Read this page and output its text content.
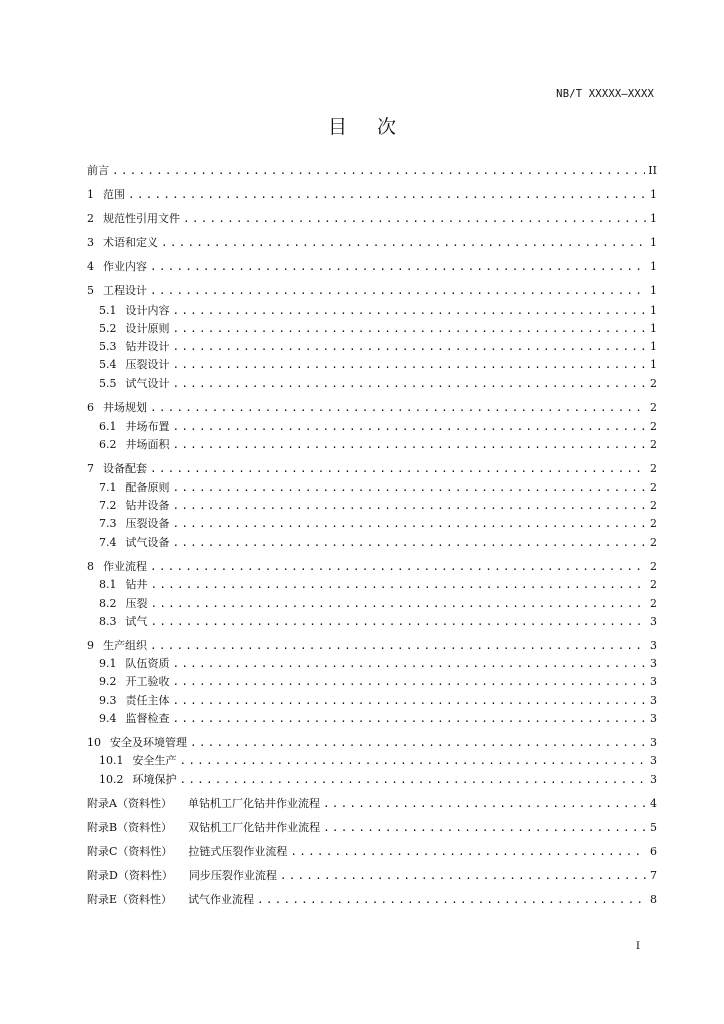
NB/T XXXXX—XXXX
目次
前言 .....	II
1 范围 .....	1
2 规范性引用文件 .....	1
3 术语和定义 .....	1
4 作业内容 .....	1
5 工程设计 .....	1
5.1 设计内容 .....	1
5.2 设计原则 .....	1
5.3 钻井设计 .....	1
5.4 压裂设计 .....	1
5.5 试气设计 .....	2
6 井场规划 .....	2
6.1 井场布置 .....	2
6.2 井场面积 .....	2
7 设备配套 .....	2
7.1 配备原则 .....	2
7.2 钻井设备 .....	2
7.3 压裂设备 .....	2
7.4 试气设备 .....	2
8 作业流程 .....	2
8.1 钻井 .....	2
8.2 压裂 .....	2
8.3 试气 .....	3
9 生产组织 .....	3
9.1 队伍资质 .....	3
9.2 开工验收 .....	3
9.3 责任主体 .....	3
9.4 监督检查 .....	3
10 安全及环境管理 .....	3
10.1 安全生产 .....	3
10.2 环境保护 .....	3
附录A（资料性） 单钻机工厂化钻井作业流程 .....	4
附录B（资料性） 双钻机工厂化钻井作业流程 .....	5
附录C（资料性） 拉链式压裂作业流程 .....	6
附录D（资料性） 同步压裂作业流程 .....	7
附录E（资料性） 试气作业流程 .....	8
I
